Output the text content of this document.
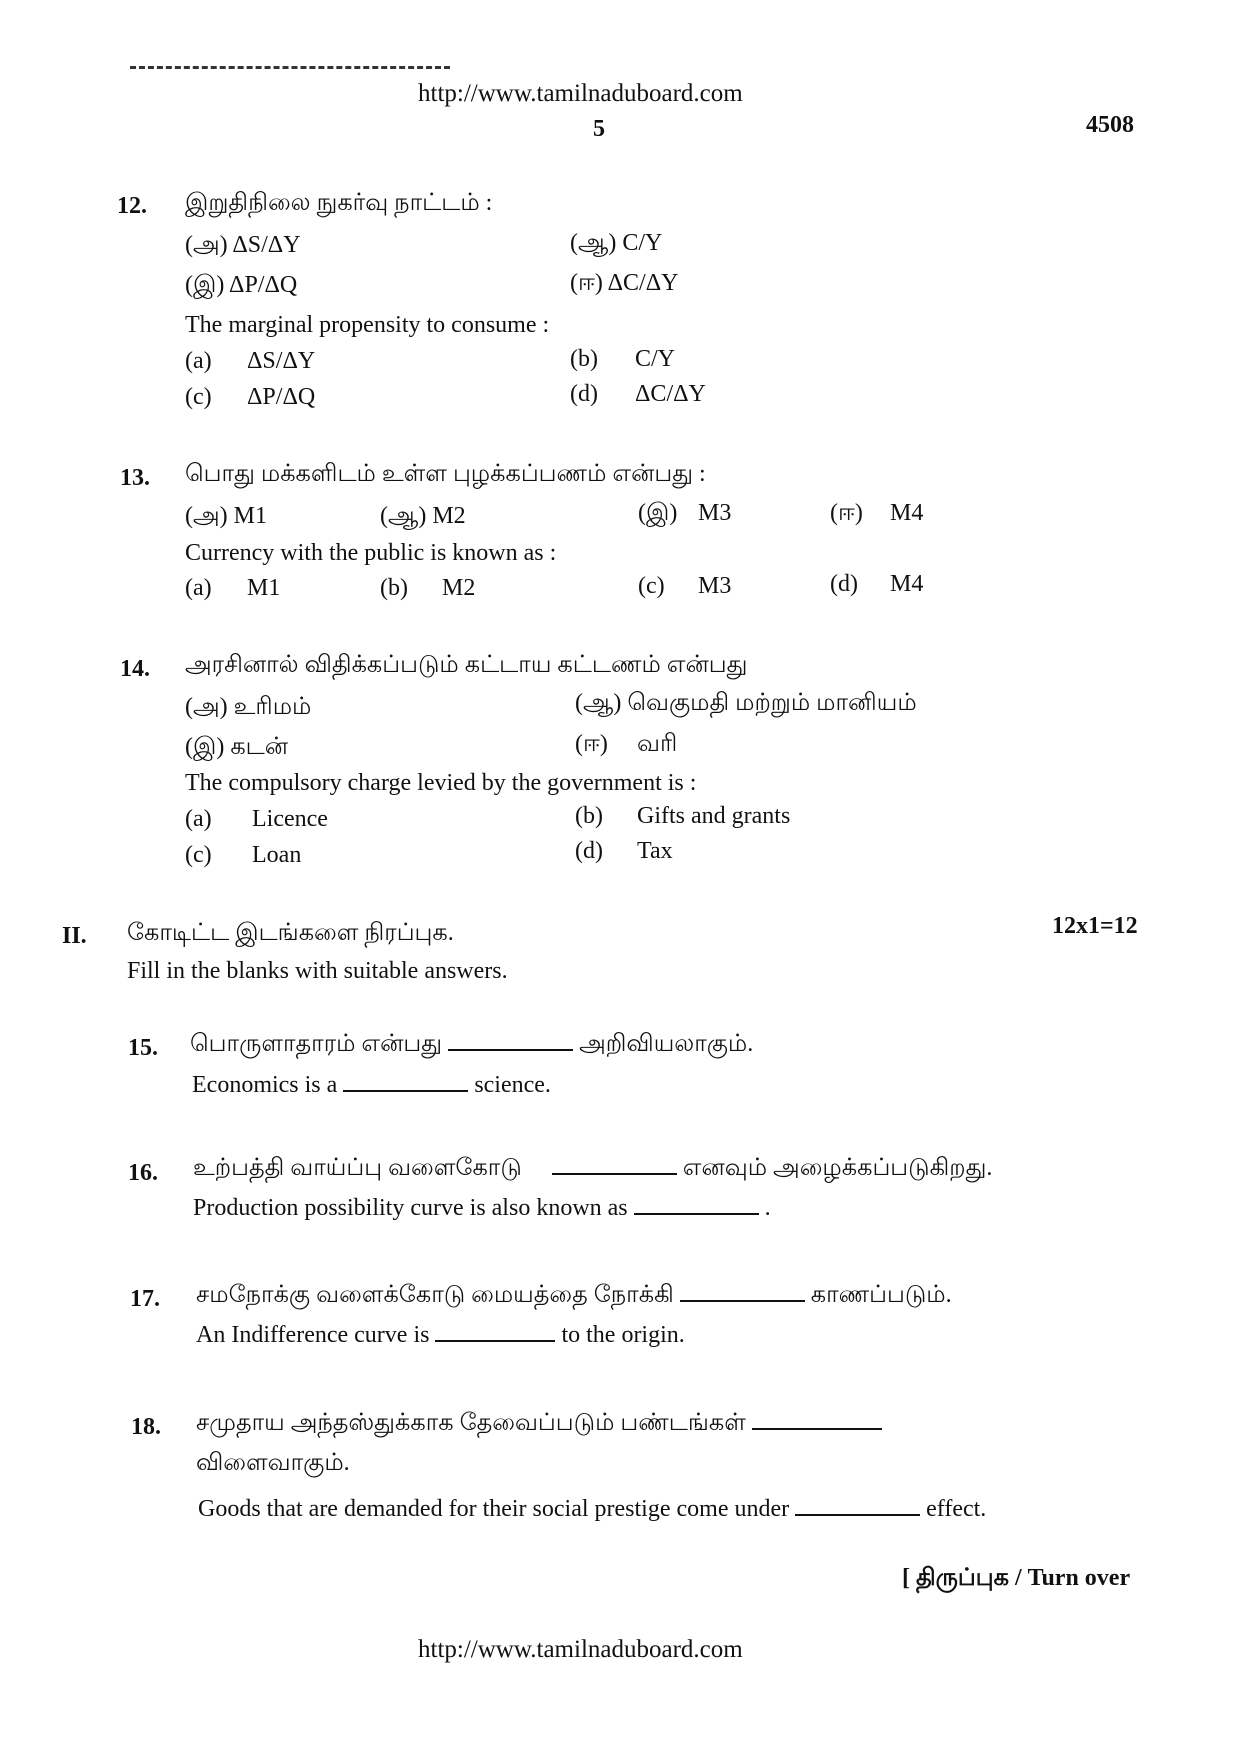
http://www.tamilnaduboard.com
5	4508
12. இறுதிநிலை நுகர்வு நாட்டம் :
(அ) ΔS/ΔY	(ஆ) C/Y
(இ) ΔP/ΔQ	(ஈ) ΔC/ΔY
The marginal propensity to consume :
(a) ΔS/ΔY	(b) C/Y
(c) ΔP/ΔQ	(d) ΔC/ΔY
13. பொது மக்களிடம் உள்ள புழக்கப்பணம் என்பது :
(அ) M1	(ஆ) M2	(இ) M3	(ஈ) M4
Currency with the public is known as :
(a) M1	(b) M2	(c) M3	(d) M4
14. அரசினால் விதிக்கப்படும் கட்டாய கட்டணம் என்பது
(அ) உரிமம்	(ஆ) வெகுமதி மற்றும் மானியம்
(இ) கடன்	(ஈ) வரி
The compulsory charge levied by the government is :
(a) Licence	(b) Gifts and grants
(c) Loan	(d) Tax
II. கோடிட்ட இடங்களை நிரப்புக.	12x1=12
Fill in the blanks with suitable answers.
15. பொருளாதாரம் என்பது	அறிவியலாகும்.
Economics is a	science.
16. உற்பத்தி வாய்ப்பு வளைகோடு	எனவும் அழைக்கப்படுகிறது.
Production possibility curve is also known as	.
17. சமநோக்கு வளைக்கோடு மையத்தை நோக்கி	காணப்படும்.
An Indifference curve is	to the origin.
18. சமுதாய அந்தஸ்துக்காக தேவைப்படும் பண்டங்கள்
விளைவாகும்.
Goods that are demanded for their social prestige come under	effect.
[ திருப்புக / Turn over
http://www.tamilnaduboard.com
